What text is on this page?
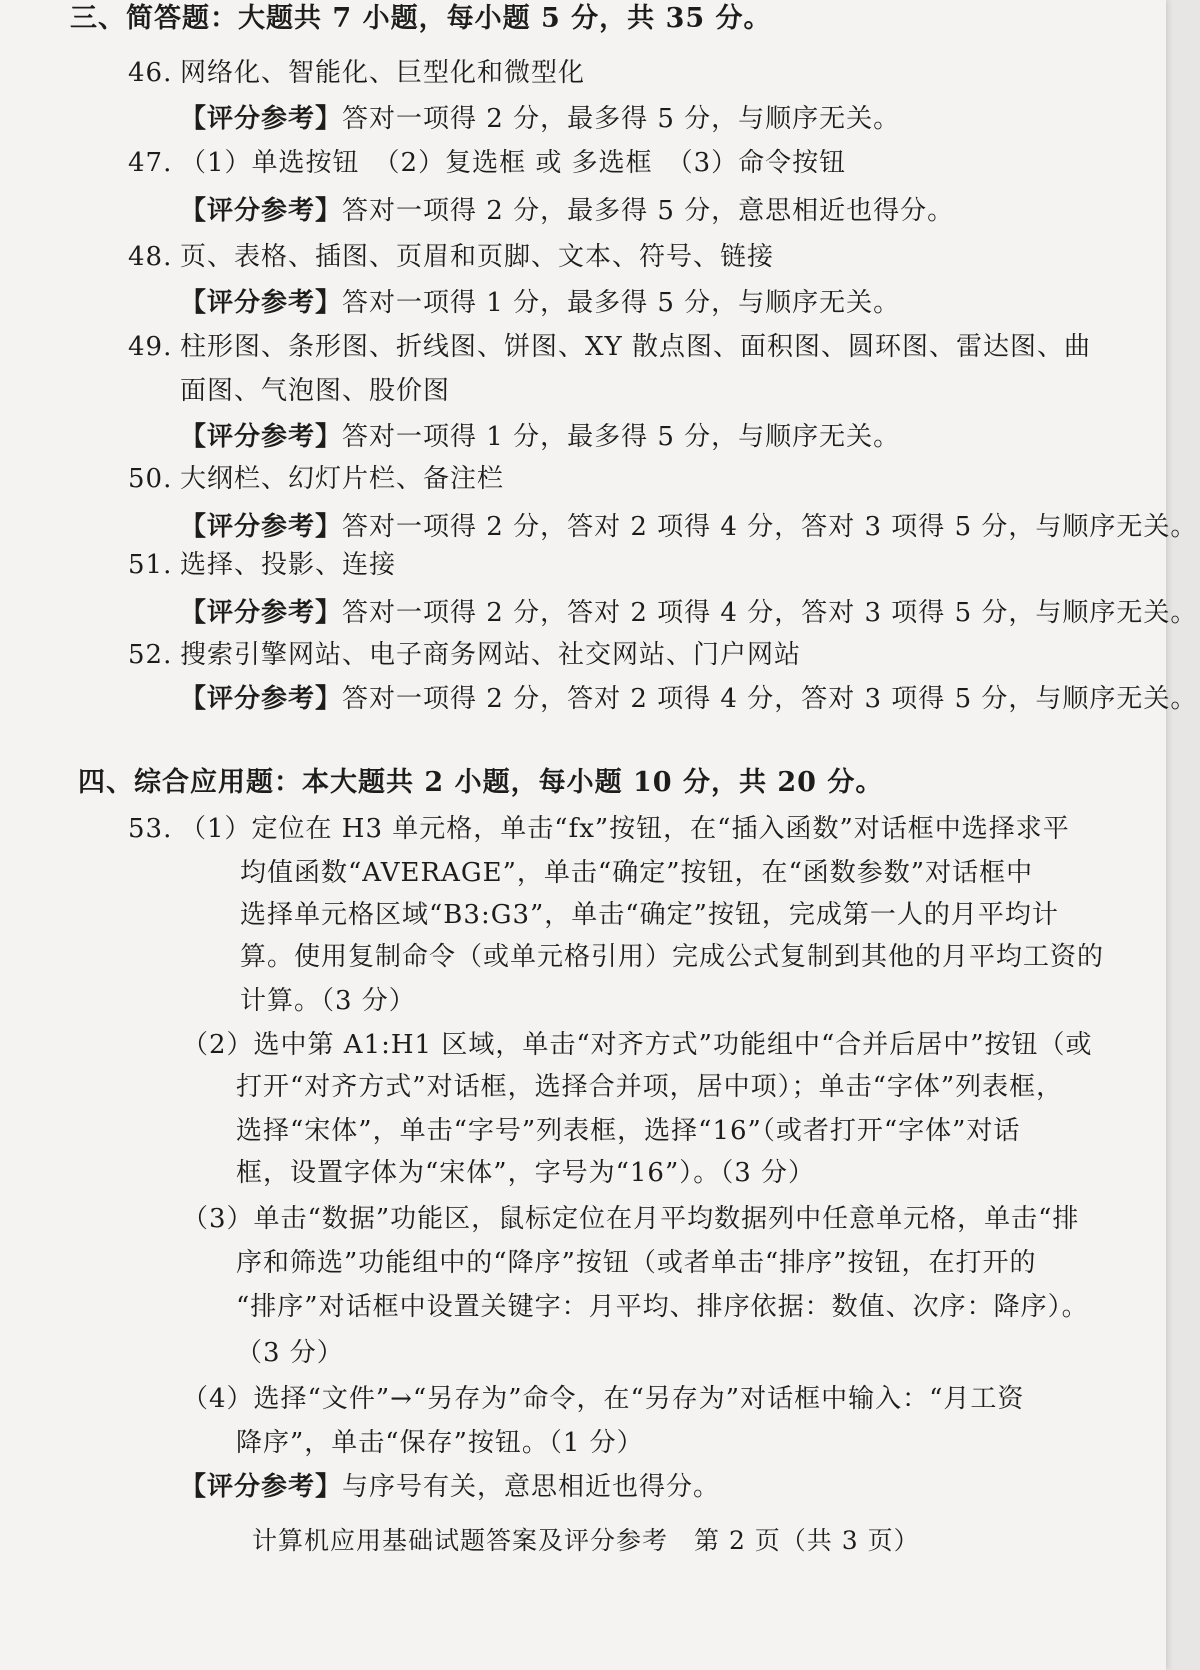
三、简答题：大题共 7 小题，每小题 5 分，共 35 分。
46. 网络化、智能化、巨型化和微型化
【评分参考】答对一项得 2 分，最多得 5 分，与顺序无关。
47. （1）单选按钮　（2）复选框 或 多选框　（3）命令按钮
【评分参考】答对一项得 2 分，最多得 5 分，意思相近也得分。
48. 页、表格、插图、页眉和页脚、文本、符号、链接
【评分参考】答对一项得 1 分，最多得 5 分，与顺序无关。
49. 柱形图、条形图、折线图、饼图、XY 散点图、面积图、圆环图、雷达图、曲
面图、气泡图、股价图
【评分参考】答对一项得 1 分，最多得 5 分，与顺序无关。
50. 大纲栏、幻灯片栏、备注栏
【评分参考】答对一项得 2 分，答对 2 项得 4 分，答对 3 项得 5 分，与顺序无关。
51. 选择、投影、连接
【评分参考】答对一项得 2 分，答对 2 项得 4 分，答对 3 项得 5 分，与顺序无关。
52. 搜索引擎网站、电子商务网站、社交网站、门户网站
【评分参考】答对一项得 2 分，答对 2 项得 4 分，答对 3 项得 5 分，与顺序无关。
四、综合应用题：本大题共 2 小题，每小题 10 分，共 20 分。
53. （1）定位在 H3 单元格，单击“fx”按钮，在“插入函数”对话框中选择求平
均值函数“AVERAGE”，单击“确定”按钮，在“函数参数”对话框中
选择单元格区域“B3:G3”，单击“确定”按钮，完成第一人的月平均计
算。使用复制命令（或单元格引用）完成公式复制到其他的月平均工资的
计算。（3 分）
（2）选中第 A1:H1 区域，单击“对齐方式”功能组中“合并后居中”按钮（或
打开“对齐方式”对话框，选择合并项，居中项）；单击“字体”列表框，
选择“宋体”，单击“字号”列表框，选择“16”（或者打开“字体”对话
框，设置字体为“宋体”，字号为“16”）。（3 分）
（3）单击“数据”功能区，鼠标定位在月平均数据列中任意单元格，单击“排
序和筛选”功能组中的“降序”按钮（或者单击“排序”按钮，在打开的
“排序”对话框中设置关键字：月平均、排序依据：数值、次序：降序）。
（3 分）
（4）选择“文件”→“另存为”命令，在“另存为”对话框中输入：“月工资
降序”，单击“保存”按钮。（1 分）
【评分参考】与序号有关，意思相近也得分。
计算机应用基础试题答案及评分参考　第 2 页（共 3 页）
